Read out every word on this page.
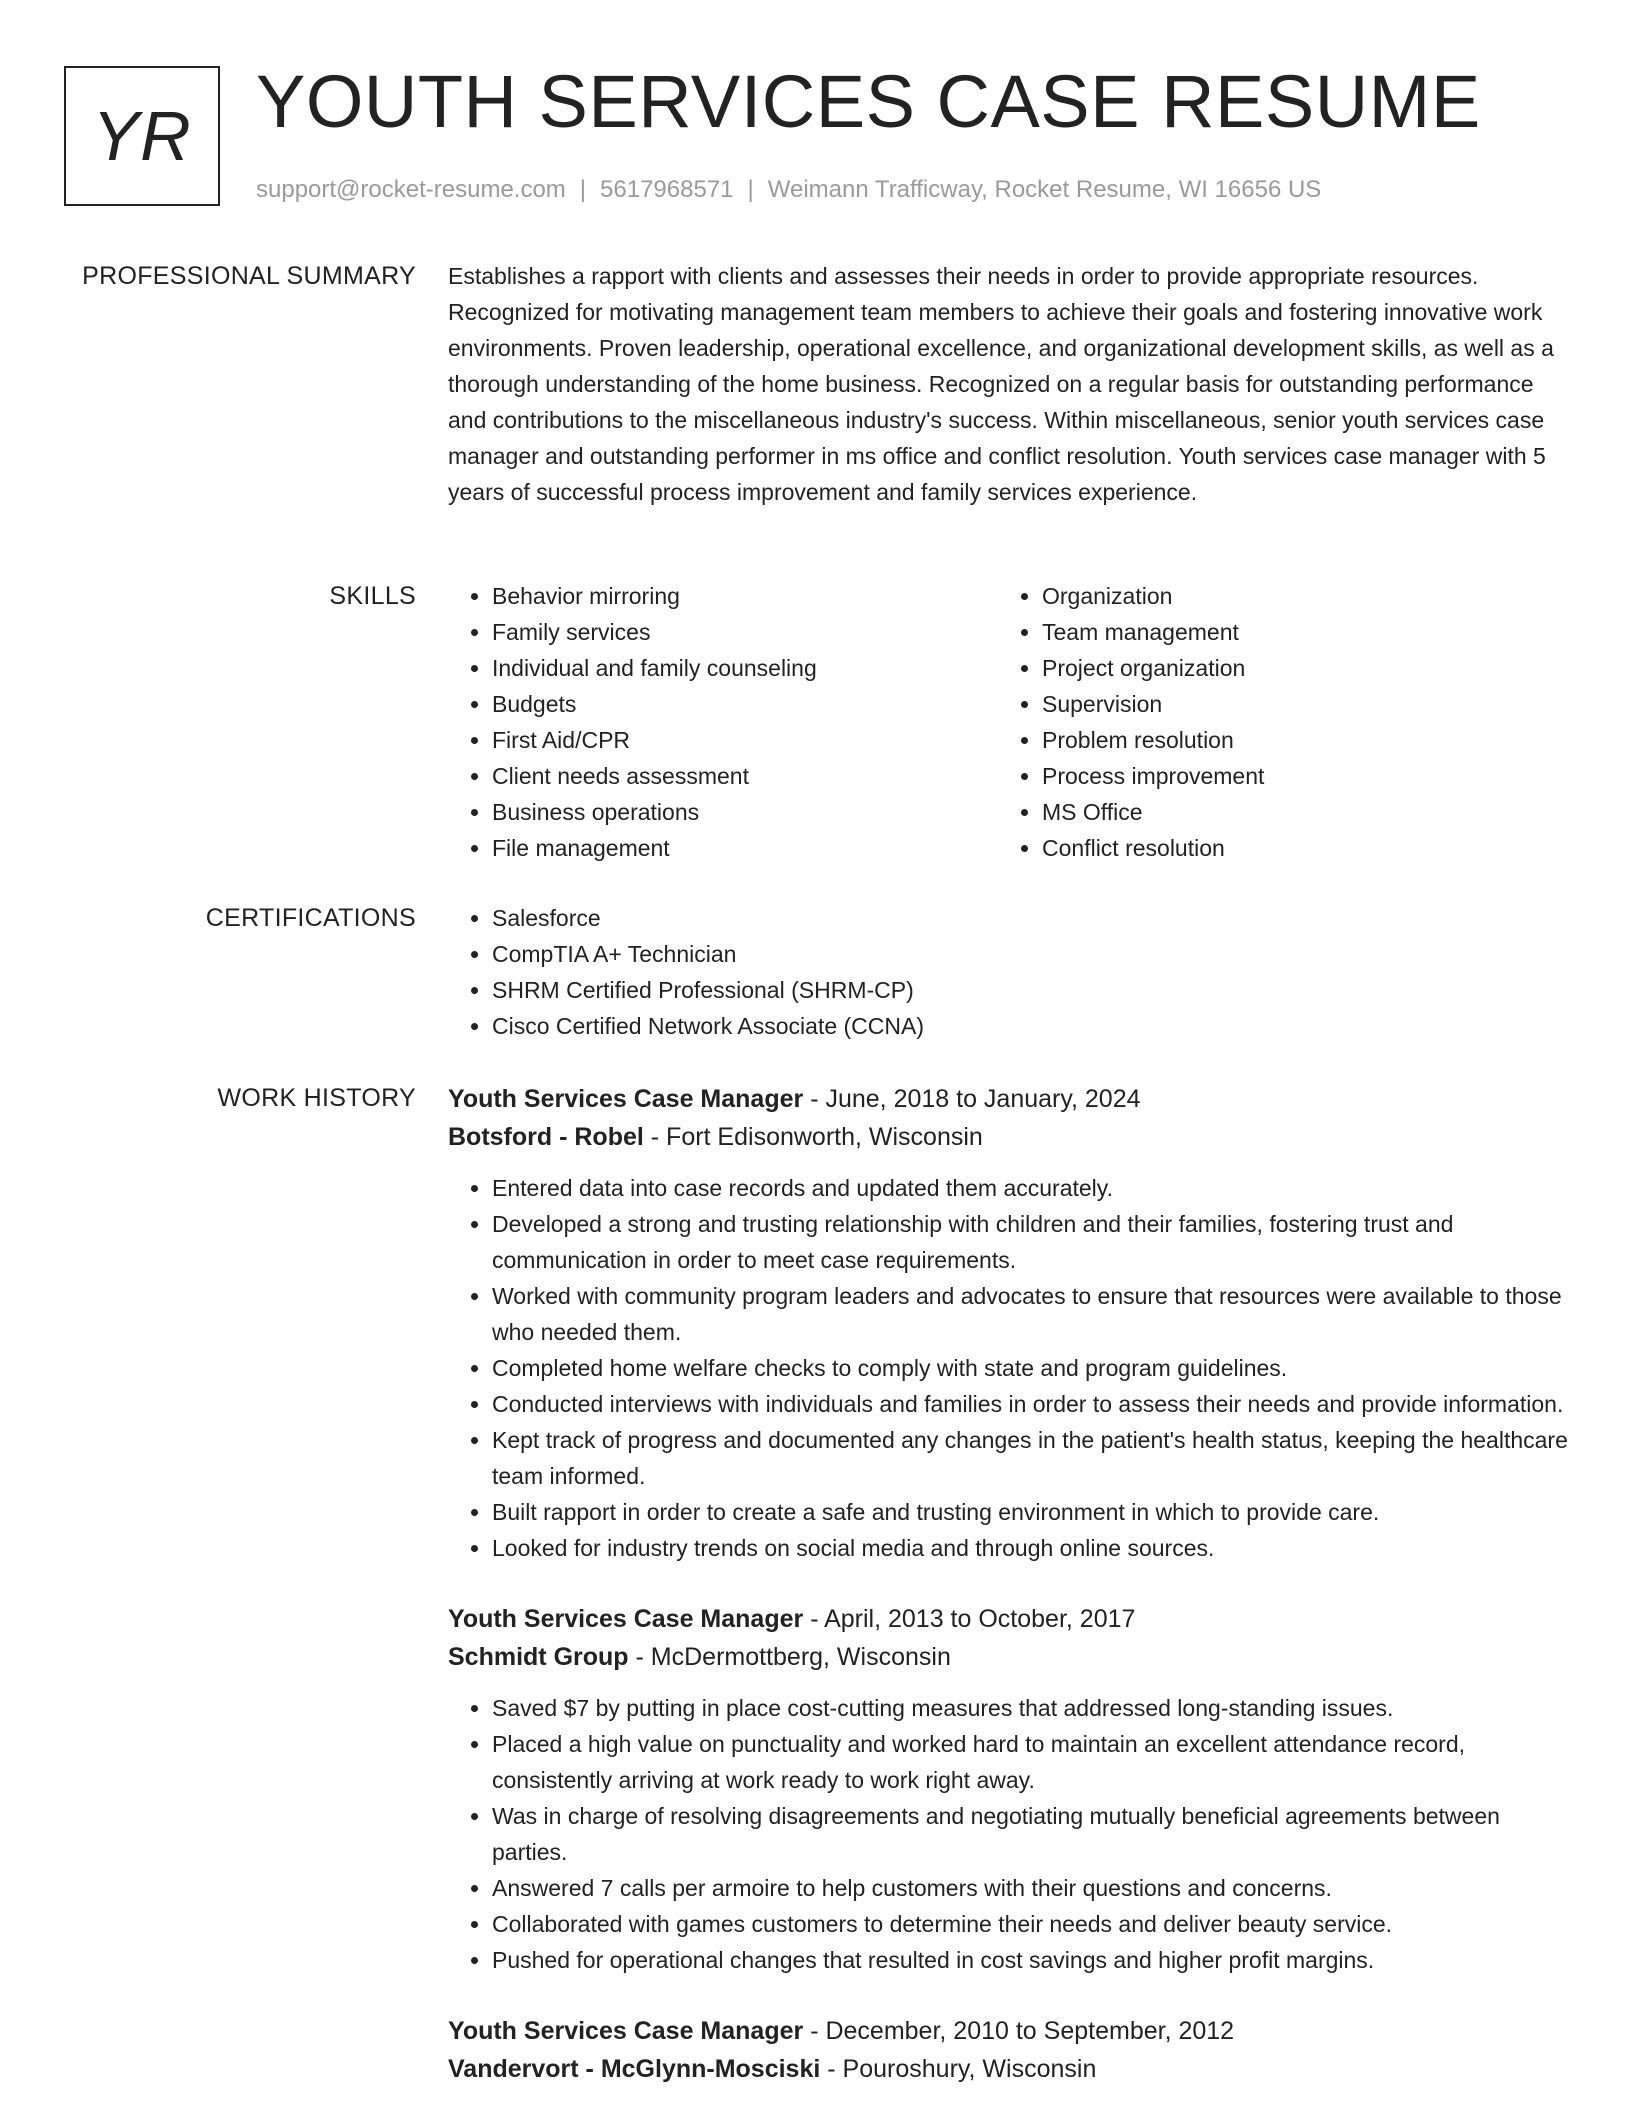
YR YOUTH SERVICES CASE RESUME
support@rocket-resume.com | 5617968571 | Weimann Trafficway, Rocket Resume, WI 16656 US
PROFESSIONAL SUMMARY Establishes a rapport with clients and assesses their needs in order to provide appropriate resources. Recognized for motivating management team members to achieve their goals and fostering innovative work environments. Proven leadership, operational excellence, and organizational development skills, as well as a thorough understanding of the home business. Recognized on a regular basis for outstanding performance and contributions to the miscellaneous industry's success. Within miscellaneous, senior youth services case manager and outstanding performer in ms office and conflict resolution. Youth services case manager with 5 years of successful process improvement and family services experience.

SKILLS	• Behavior mirroring
• Family services
• Individual and family counseling
• Budgets
• First Aid/CPR
• Client needs assessment
• Business operations
• File management
• Organization
• Team management
• Project organization
• Supervision
• Problem resolution
• Process improvement
• MS Office
• Conflict resolution
CERTIFICATIONS	• Salesforce
• CompTIA A+ Technician
• SHRM Certified Professional (SHRM-CP)
• Cisco Certified Network Associate (CCNA)
WORK HISTORY Youth Services Case Manager - June, 2018 to January, 2024
Botsford - Robel - Fort Edisonworth, Wisconsin
• Entered data into case records and updated them accurately.
• Developed a strong and trusting relationship with children and their families, fostering trust and communication in order to meet case requirements.
• Worked with community program leaders and advocates to ensure that resources were available to those who needed them.
• Completed home welfare checks to comply with state and program guidelines.
• Conducted interviews with individuals and families in order to assess their needs and provide information.
• Kept track of progress and documented any changes in the patient's health status, keeping the healthcare team informed.
• Built rapport in order to create a safe and trusting environment in which to provide care.
• Looked for industry trends on social media and through online sources.
Youth Services Case Manager - April, 2013 to October, 2017
Schmidt Group - McDermottberg, Wisconsin
• Saved $7 by putting in place cost-cutting measures that addressed long-standing issues.
• Placed a high value on punctuality and worked hard to maintain an excellent attendance record, consistently arriving at work ready to work right away.
• Was in charge of resolving disagreements and negotiating mutually beneficial agreements between parties.
• Answered 7 calls per armoire to help customers with their questions and concerns.
• Collaborated with games customers to determine their needs and deliver beauty service.
• Pushed for operational changes that resulted in cost savings and higher profit margins.
Youth Services Case Manager - December, 2010 to September, 2012
Vandervort - McGlynn-Mosciski - Pouroshury, Wisconsin
